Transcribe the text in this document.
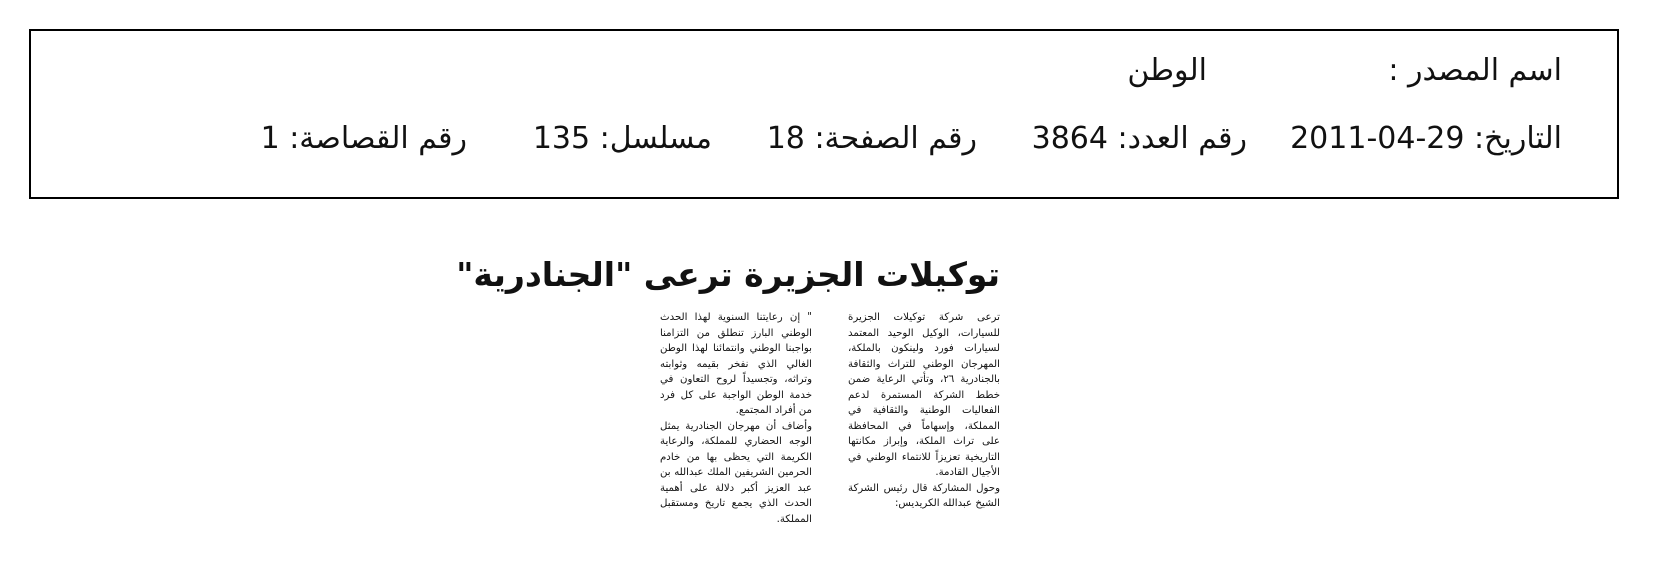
اسم المصدر :
الوطن
التاريخ: 29-04-2011
رقم العدد: 3864
رقم الصفحة: 18
مسلسل: 135
رقم القصاصة: 1
توكيلات الجزيرة ترعى "الجنادرية"

ترعى شركة توكيلات الجزيرة للسيارات، الوكيل الوحيد المعتمد لسيارات فورد ولينكون بالملكة، المهرجان الوطني للتراث والثقافة بالجنادرية ٢٦، وتأتي الرعاية ضمن خطط الشركة المستمرة لدعم الفعاليات الوطنية والثقافية في المملكة، وإسهاماً في المحافظة على تراث الملكة، وإبراز مكانتها التاريخية تعزيزاً للانتماء الوطني في الأجيال القادمة.

وحول المشاركة قال رئيس الشركة الشيخ عبدالله الكريديس:

" إن رعايتنا السنوية لهذا الحدث الوطني البارز تنطلق من التزامنا بواجبنا الوطني وانتمائنا لهذا الوطن الغالي الذي نفخر بقيمه وثوابته وتراثه، وتجسيداً لروح التعاون في خدمة الوطن الواجبة على كل فرد من أفراد المجتمع.

وأضاف أن مهرجان الجنادرية يمثل الوجه الحضاري للمملكة، والرعاية الكريمة التي يحظى بها من خادم الحرمين الشريفين الملك عبدالله بن عبد العزيز أكبر دلالة على أهمية الحدث الذي يجمع تاريخ ومستقبل المملكة.
